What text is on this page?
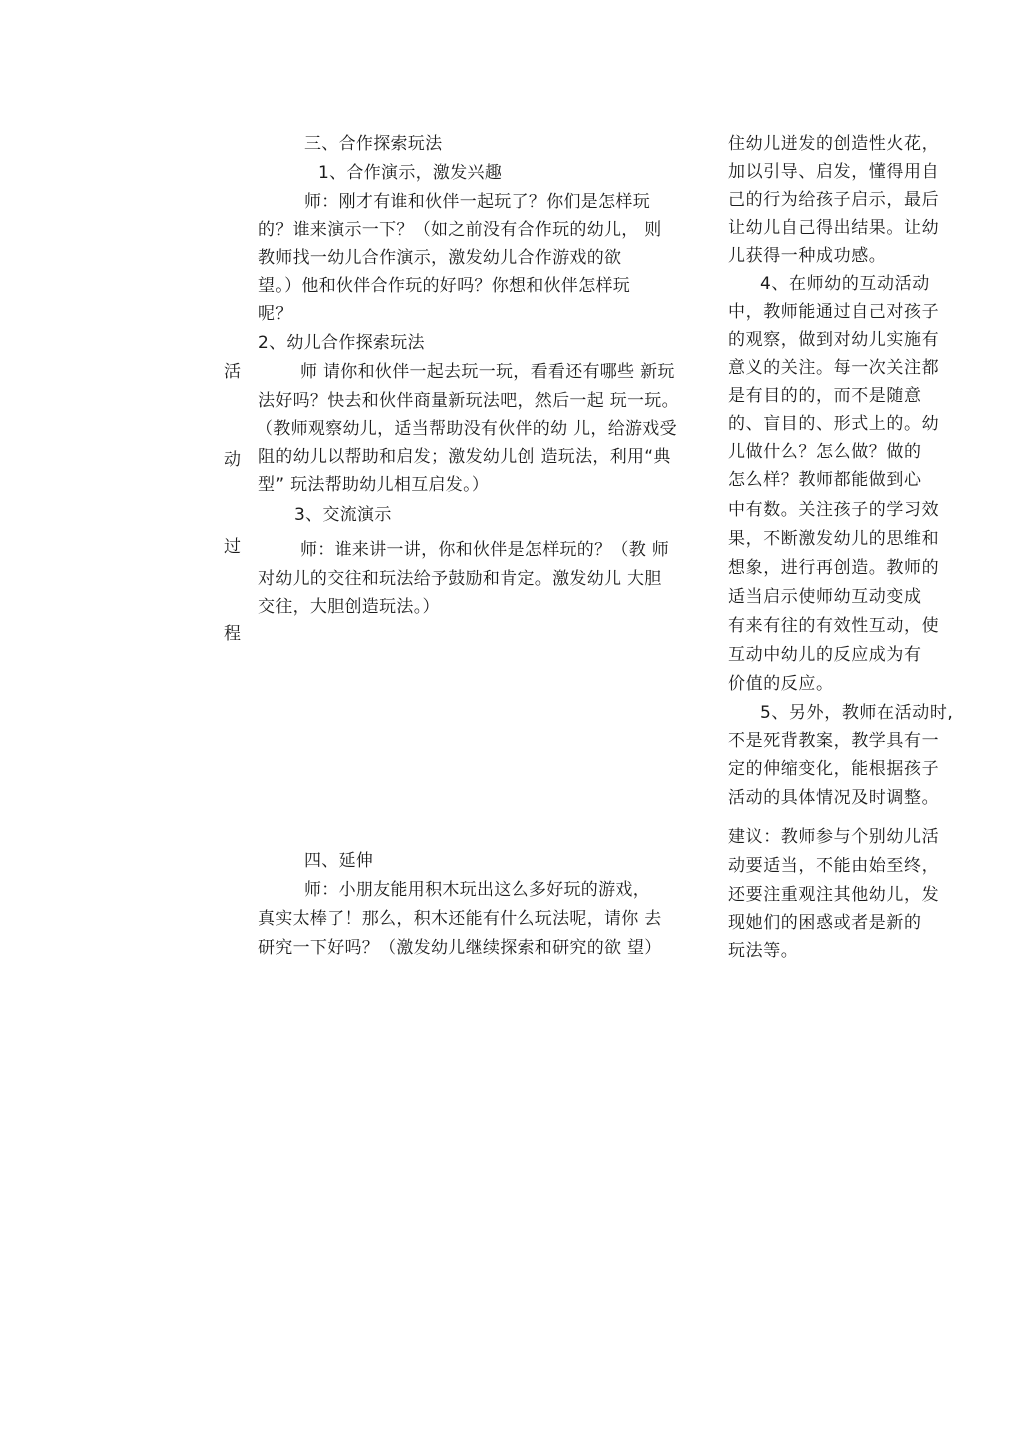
三、合作探索玩法
1、合作演示，激发兴趣
师：刚才有谁和伙伴一起玩了？你们是怎样玩
的？谁来演示一下？（如之前没有合作玩的幼儿， 则
教师找一幼儿合作演示，激发幼儿合作游戏的欲
望。）他和伙伴合作玩的好吗？你想和伙伴怎样玩
呢？
2、幼儿合作探索玩法
师 请你和伙伴一起去玩一玩，看看还有哪些 新玩
法好吗？快去和伙伴商量新玩法吧，然后一起 玩一玩。
（教师观察幼儿，适当帮助没有伙伴的幼 儿，给游戏受
阻的幼儿以帮助和启发；激发幼儿创 造玩法，利用“典
型” 玩法帮助幼儿相互启发。）
3、交流演示
师：谁来讲一讲，你和伙伴是怎样玩的？（教 师
对幼儿的交往和玩法给予鼓励和肯定。激发幼儿 大胆
交往，大胆创造玩法。）
四、延伸
师：小朋友能用积木玩出这么多好玩的游戏，
真实太棒了！那么，积木还能有什么玩法呢，请你 去
研究一下好吗？（激发幼儿继续探索和研究的欲 望）
活
动
过
程
住幼儿迸发的创造性火花，
加以引导、启发，懂得用自
己的行为给孩子启示，最后
让幼儿自己得出结果。让幼
儿获得一种成功感。
4、在师幼的互动活动
中，教师能通过自己对孩子
的观察，做到对幼儿实施有
意义的关注。每一次关注都
是有目的的，而不是随意
的、盲目的、形式上的。幼
儿做什么？怎么做？做的
怎么样？教师都能做到心
中有数。关注孩子的学习效
果，不断激发幼儿的思维和
想象，进行再创造。教师的
适当启示使师幼互动变成
有来有往的有效性互动，使
互动中幼儿的反应成为有
价值的反应。
5、另外，教师在活动时,
不是死背教案，教学具有一
定的伸缩变化，能根据孩子
活动的具体情况及时调整。
建议：教师参与个别幼儿活
动要适当，不能由始至终，
还要注重观注其他幼儿，发
现她们的困惑或者是新的
玩法等。
